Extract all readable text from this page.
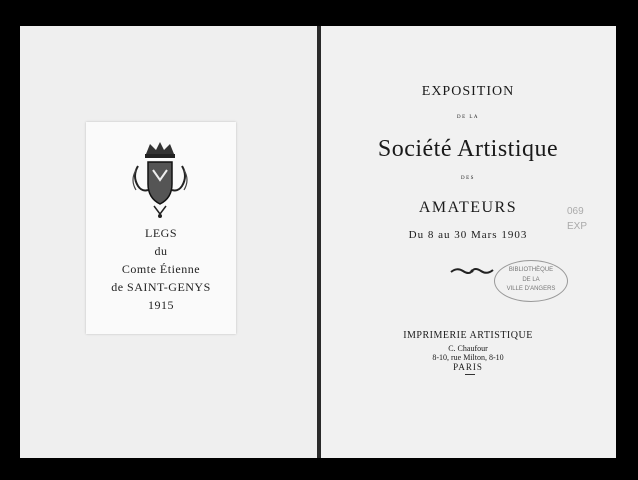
LEGS
du
Comte Étienne
de SAINT-GENYS
1915
EXPOSITION
DE LA
Société Artistique
DES
AMATEURS
Du 8 au 30 Mars 1903
BIBLIOTHÈQUE
DE LA
VILLE D'ANGERS
069
EXP
IMPRIMERIE ARTISTIQUE
C. Chaufour
8-10, rue Milton, 8-10
PARIS
